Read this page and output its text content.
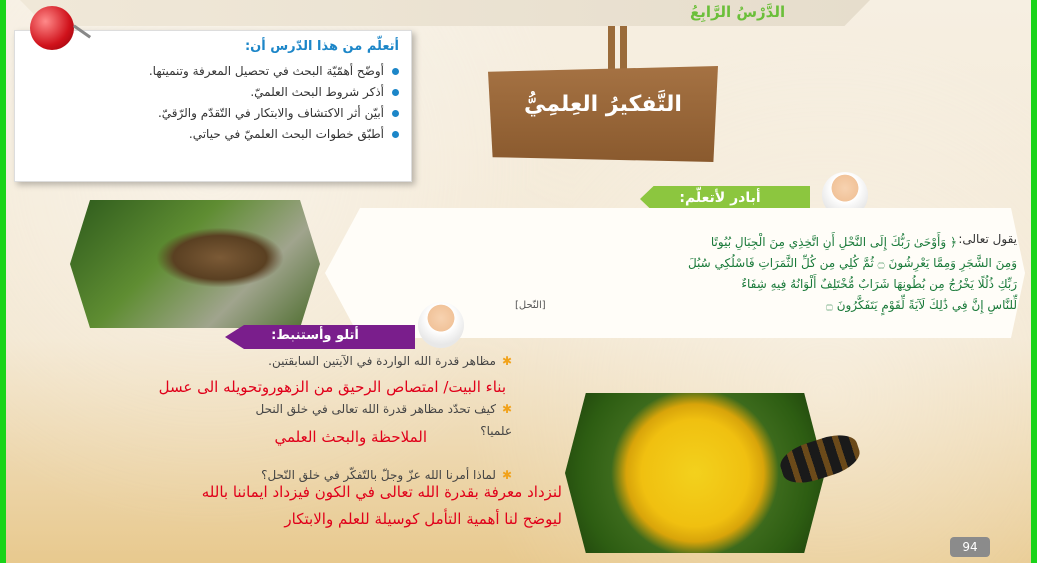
الدَّرْسُ الرَّابِعُ
أتعلّم من هذا الدّرس أن:
أوضّح أهمّيّة البحث في تحصيل المعرفة وتنميتها.
أذكر شروط البحث العلميّ.
أبيّن أثر الاكتشاف والابتكار في التّقدّم والرّقيّ.
أطبّق خطوات البحث العلميّ في حياتي.
التَّفكيرُ العِلمِيُّ
أبادر لأتعلّم:
يقول تعالى:
﴿ وَأَوْحَىٰ رَبُّكَ إِلَى النَّحْلِ أَنِ اتَّخِذِي مِنَ الْجِبَالِ بُيُوتًا
وَمِنَ الشَّجَرِ وَمِمَّا يَعْرِشُونَ ۝ ثُمَّ كُلِي مِن كُلِّ الثَّمَرَاتِ فَاسْلُكِي سُبُلَ
رَبِّكِ ذُلُلًا يَخْرُجُ مِن بُطُونِهَا شَرَابٌ مُّخْتَلِفٌ أَلْوَانُهُ فِيهِ شِفَاءٌ
لِّلنَّاسِ إِنَّ فِي ذَٰلِكَ لَآيَةً لِّقَوْمٍ يَتَفَكَّرُونَ ۝
[النّحل]
أتلو وأستنبط:
✱مظاهر قدرة الله الواردة في الآيتين السابقتين.
✱كيف تحدّد مظاهر قدرة الله تعالى في خلق النحل
علميا؟
✱لماذا أمرنا الله عزّ وجلّ بالتّفكّر في خلق النّحل؟
بناء البيت/ امتصاص الرحيق من الزهوروتحويله الى عسل
الملاحظة والبحث العلمي
لنزداد معرفة بقدرة الله تعالى في الكون فيزداد ايماننا بالله
ليوضح لنا أهمية التأمل كوسيلة للعلم والابتكار
94
